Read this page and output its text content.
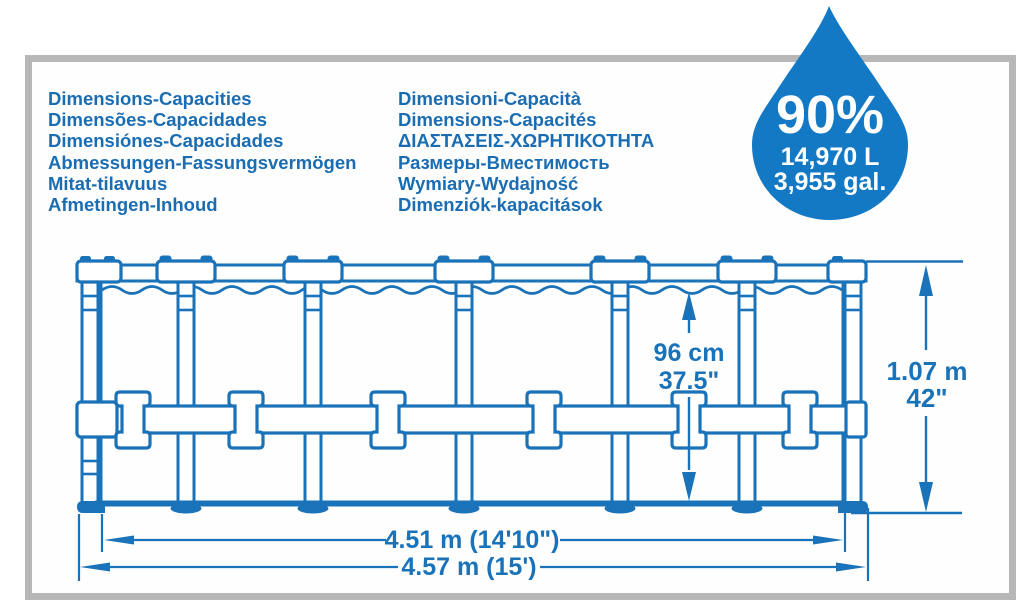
Dimensions-Capacities
Dimensões-Capacidades
Dimensiónes-Capacidades
Abmessungen-Fassungsvermögen
Mitat-tilavuus
Afmetingen-Inhoud
Dimensioni-Capacità
Dimensions-Capacités
ΔΙΑΣΤΑΣΕΙΣ-ΧΩΡΗΤΙΚΟΤΗΤΑ
Размеры-Вместимость
Wymiary-Wydajność
Dimenziók-kapacitások
96 cm
37.5"	1.07 m
42"
4.51 m (14'10")
4.57 m (15')
90%
14,970 L
3,955 gal.
